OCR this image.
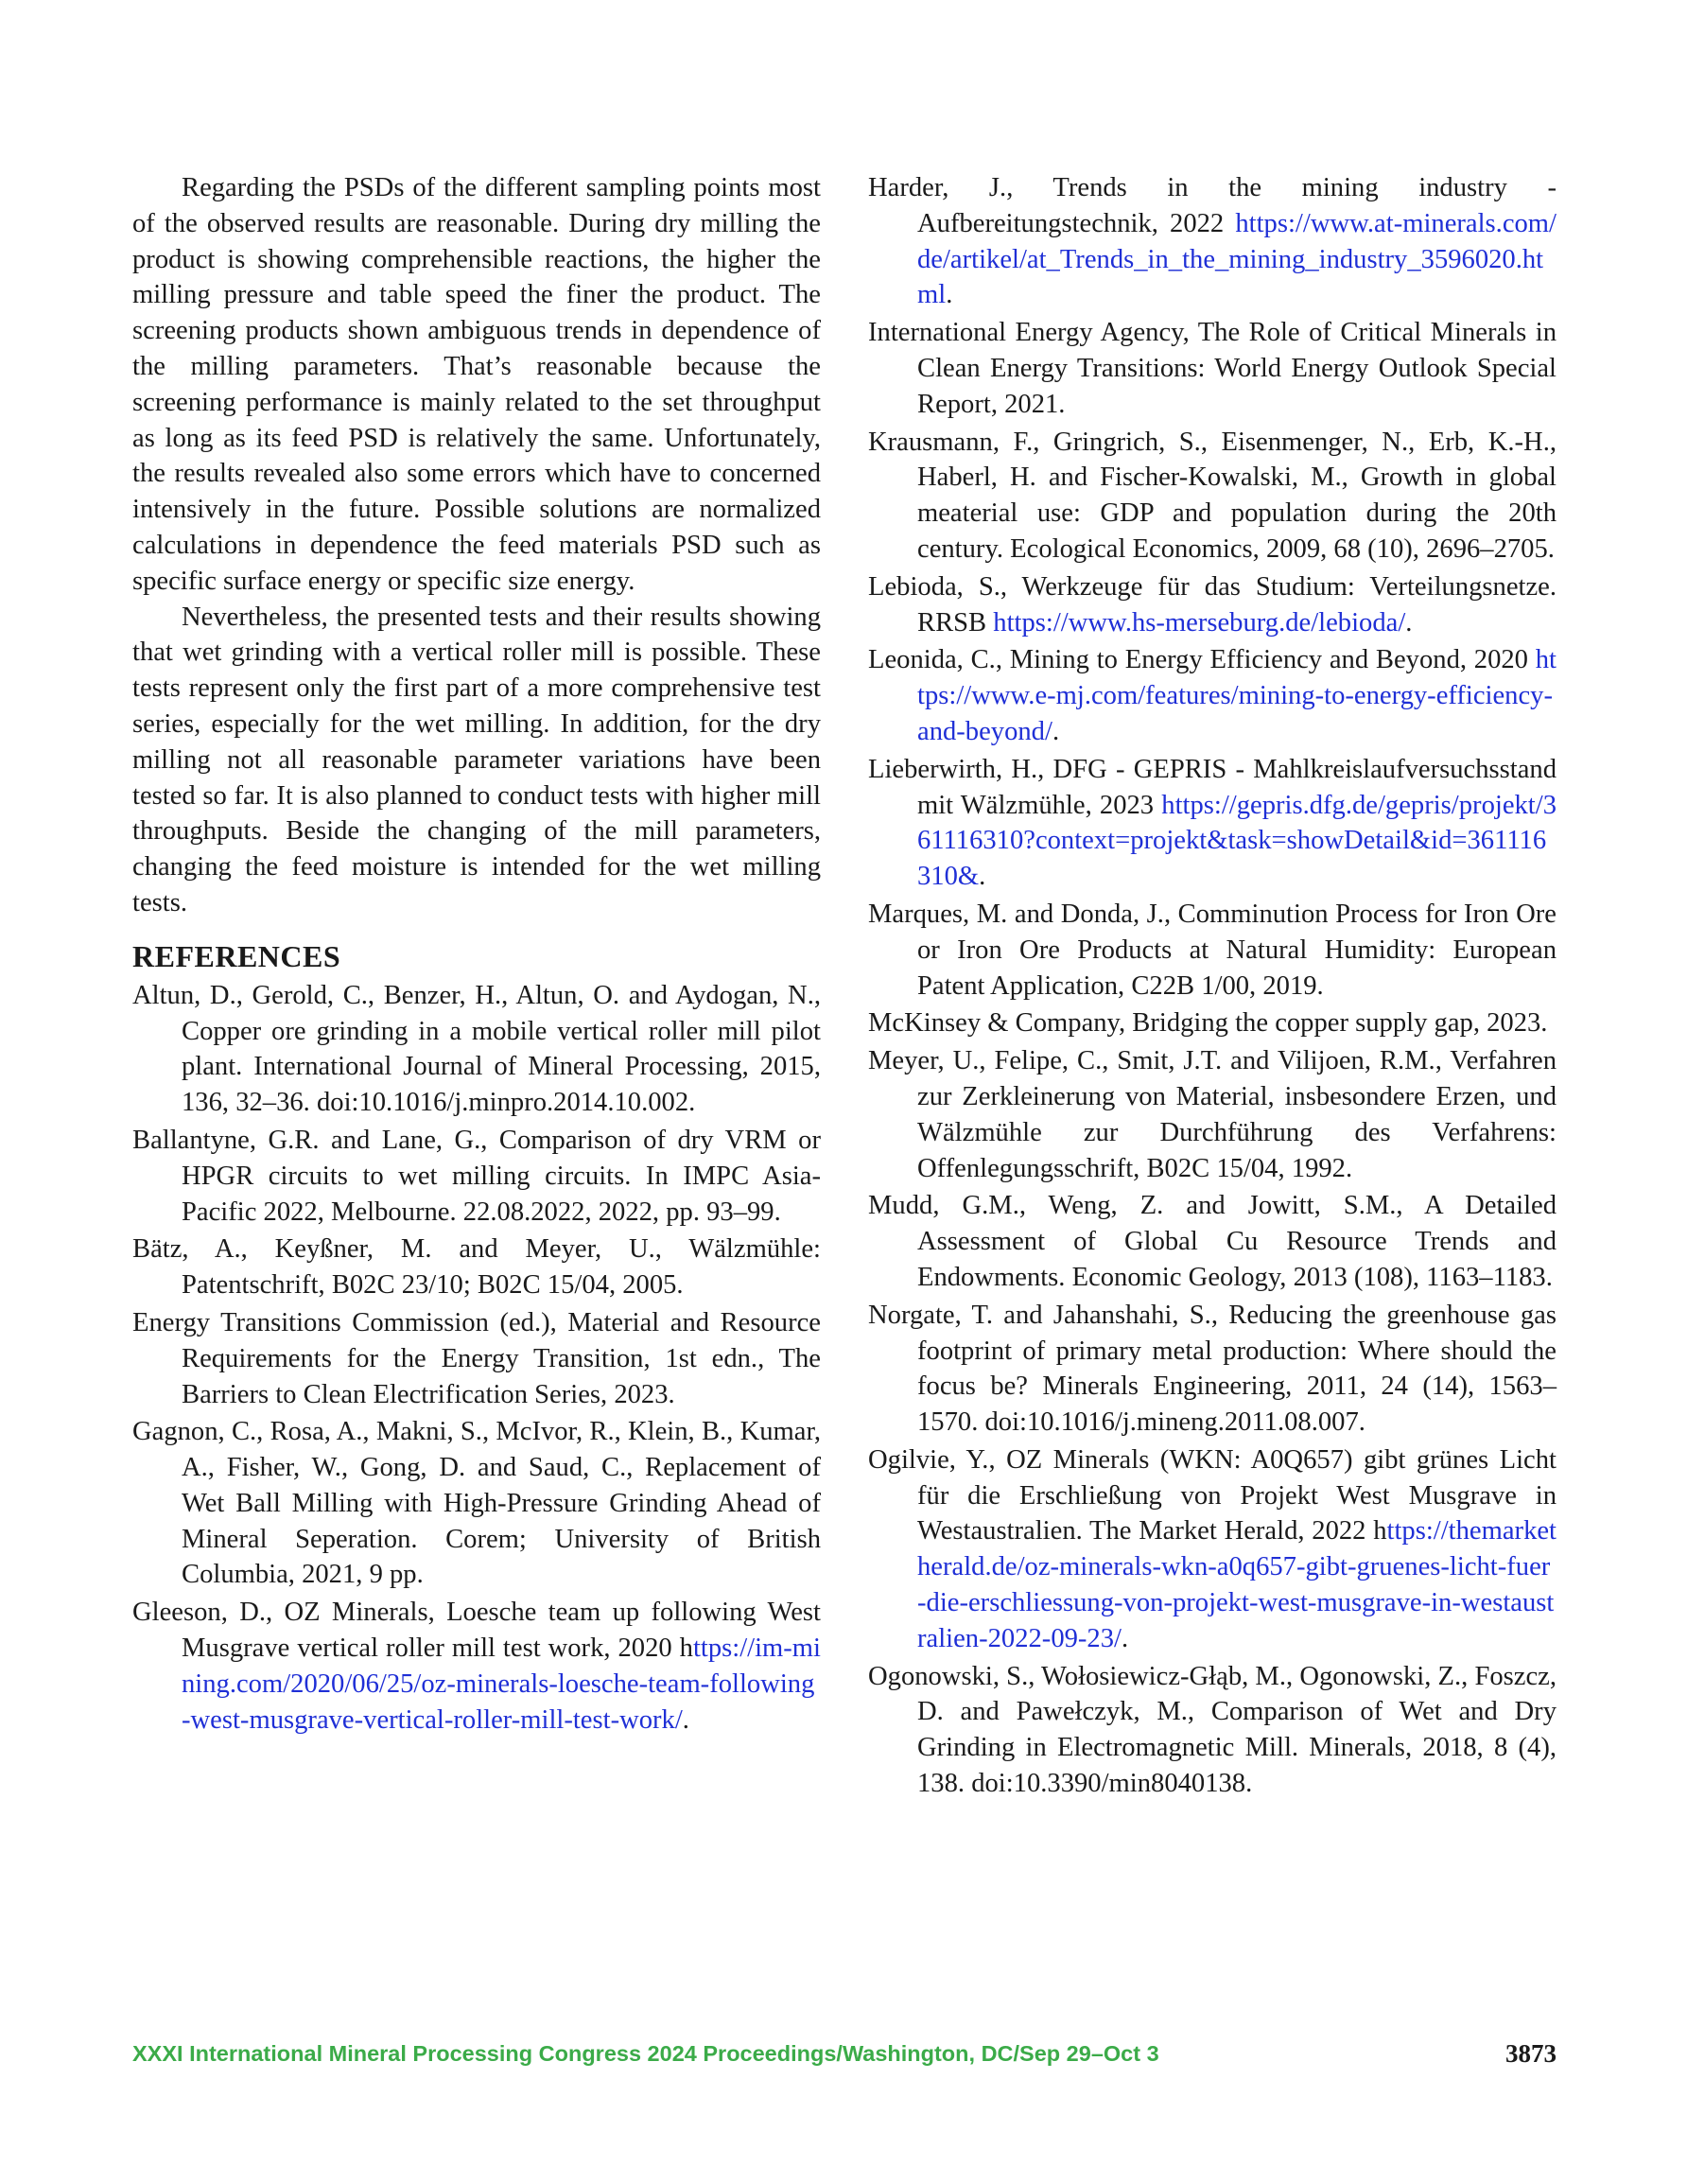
Regarding the PSDs of the different sampling points most of the observed results are reasonable. During dry milling the product is showing comprehensible reactions, the higher the milling pressure and table speed the finer the product. The screening products shown ambiguous trends in dependence of the milling parameters. That’s reasonable because the screening performance is mainly related to the set throughput as long as its feed PSD is relatively the same. Unfortunately, the results revealed also some errors which have to concerned intensively in the future. Possible solutions are normalized calculations in dependence the feed materials PSD such as specific surface energy or specific size energy.

Nevertheless, the presented tests and their results showing that wet grinding with a vertical roller mill is possible. These tests represent only the first part of a more comprehensive test series, especially for the wet milling. In addition, for the dry milling not all reasonable parameter variations have been tested so far. It is also planned to conduct tests with higher mill throughputs. Beside the changing of the mill parameters, changing the feed moisture is intended for the wet milling tests.

REFERENCES
Altun, D., Gerold, C., Benzer, H., Altun, O. and Aydogan, N., Copper ore grinding in a mobile vertical roller mill pilot plant. International Journal of Mineral Processing, 2015, 136, 32–36. doi:10.1016/j.minpro.2014.10.002.
Ballantyne, G.R. and Lane, G., Comparison of dry VRM or HPGR circuits to wet milling circuits. In IMPC Asia-Pacific 2022, Melbourne. 22.08.2022, 2022, pp. 93–99.
Bätz, A., Keyßner, M. and Meyer, U., Wälzmühle: Patentschrift, B02C 23/10; B02C 15/04, 2005.
Energy Transitions Commission (ed.), Material and Resource Requirements for the Energy Transition, 1st edn., The Barriers to Clean Electrification Series, 2023.
Gagnon, C., Rosa, A., Makni, S., McIvor, R., Klein, B., Kumar, A., Fisher, W., Gong, D. and Saud, C., Replacement of Wet Ball Milling with High-Pressure Grinding Ahead of Mineral Seperation. Corem; University of British Columbia, 2021, 9 pp.
Gleeson, D., OZ Minerals, Loesche team up following West Musgrave vertical roller mill test work, 2020 https://im-mining.com/2020/06/25/oz-minerals-loesche-team-following-west-musgrave-vertical-roller-mill-test-work/.
Harder, J., Trends in the mining industry - Aufbereitungstechnik, 2022 https://www.at-minerals.com/de/artikel/at_Trends_in_the_mining_industry_3596020.html.
International Energy Agency, The Role of Critical Minerals in Clean Energy Transitions: World Energy Outlook Special Report, 2021.
Krausmann, F., Gringrich, S., Eisenmenger, N., Erb, K.-H., Haberl, H. and Fischer-Kowalski, M., Growth in global meaterial use: GDP and population during the 20th century. Ecological Economics, 2009, 68 (10), 2696–2705.
Lebioda, S., Werkzeuge für das Studium: Verteilungsnetze. RRSB https://www.hs-merseburg.de/lebioda/.
Leonida, C., Mining to Energy Efficiency and Beyond, 2020 https://www.e-mj.com/features/mining-to-energy-efficiency-and-beyond/.
Lieberwirth, H., DFG - GEPRIS - Mahlkreislaufversuchsstand mit Wälzmühle, 2023 https://gepris.dfg.de/gepris/projekt/361116310?context=projekt&task=showDetail&id=361116310&.
Marques, M. and Donda, J., Comminution Process for Iron Ore or Iron Ore Products at Natural Humidity: European Patent Application, C22B 1/00, 2019.
McKinsey & Company, Bridging the copper supply gap, 2023.
Meyer, U., Felipe, C., Smit, J.T. and Vilijoen, R.M., Verfahren zur Zerkleinerung von Material, insbesondere Erzen, und Wälzmühle zur Durchführung des Verfahrens: Offenlegungsschrift, B02C 15/04, 1992.
Mudd, G.M., Weng, Z. and Jowitt, S.M., A Detailed Assessment of Global Cu Resource Trends and Endowments. Economic Geology, 2013 (108), 1163–1183.
Norgate, T. and Jahanshahi, S., Reducing the greenhouse gas footprint of primary metal production: Where should the focus be? Minerals Engineering, 2011, 24 (14), 1563–1570. doi:10.1016/j.mineng.2011.08.007.
Ogilvie, Y., OZ Minerals (WKN: A0Q657) gibt grünes Licht für die Erschließung von Projekt West Musgrave in Westaustralien. The Market Herald, 2022 https://themarketherald.de/oz-minerals-wkn-a0q657-gibt-gruenes-licht-fuer-die-erschliessung-von-projekt-west-musgrave-in-westaustralien-2022-09-23/.
Ogonowski, S., Wołosiewicz-Głąb, M., Ogonowski, Z., Foszcz, D. and Pawełczyk, M., Comparison of Wet and Dry Grinding in Electromagnetic Mill. Minerals, 2018, 8 (4), 138. doi:10.3390/min8040138.
XXXI International Mineral Processing Congress 2024 Proceedings/Washington, DC/Sep 29–Oct 3	3873
